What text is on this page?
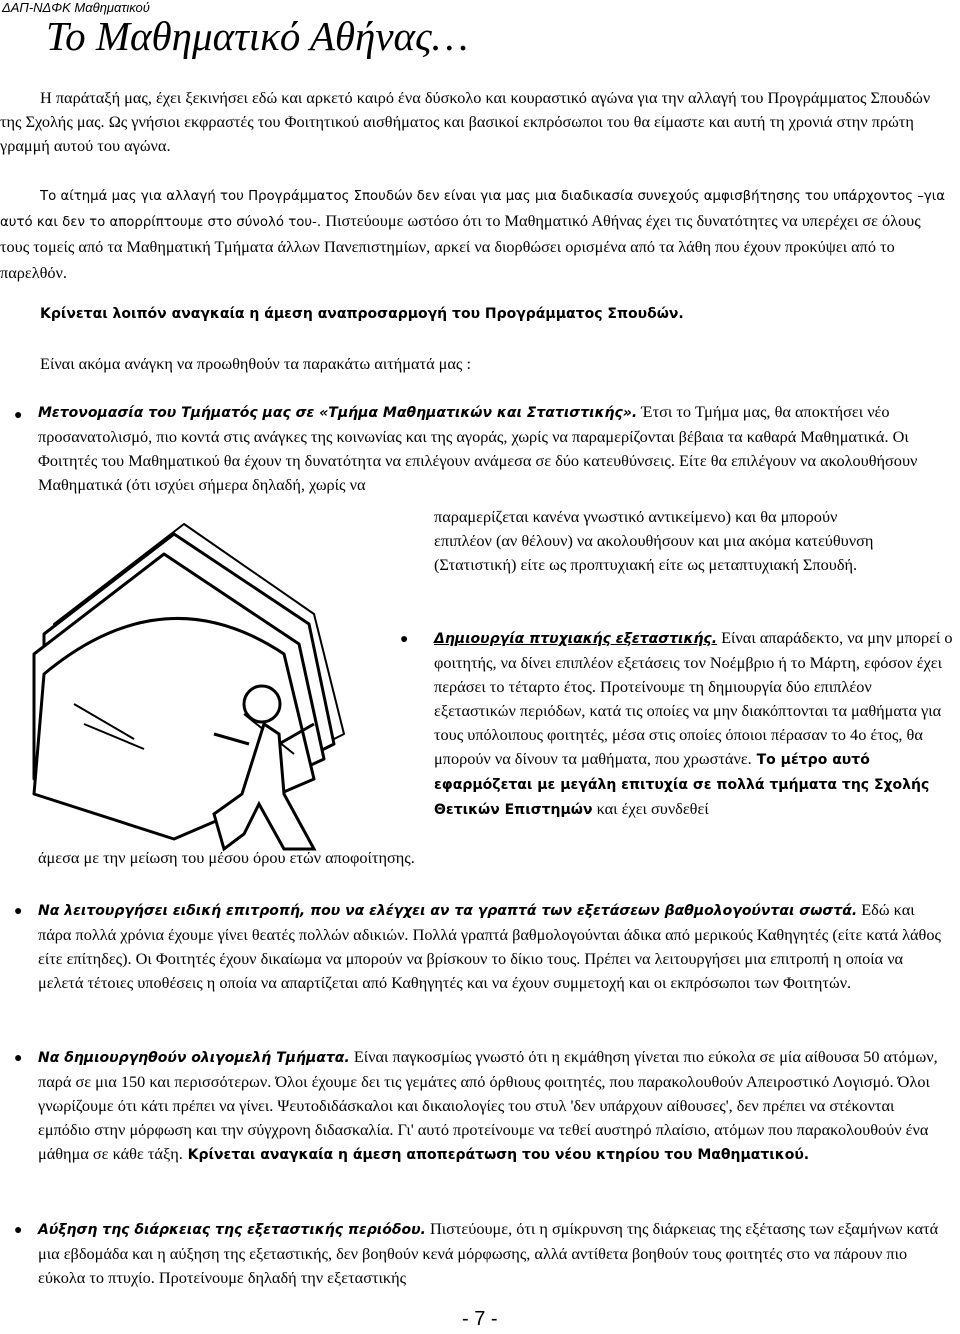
ΔΑΠ-ΝΔΦΚ Μαθηματικού
Το Μαθηματικό Αθήνας…

Η παράταξή μας, έχει ξεκινήσει εδώ και αρκετό καιρό ένα δύσκολο και κουραστικό αγώνα για την αλλαγή του Προγράμματος Σπουδών της Σχολής μας. Ως γνήσιοι εκφραστές του Φοιτητικού αισθήματος και βασικοί εκπρόσωποι του θα είμαστε και αυτή τη χρονιά στην πρώτη γραμμή αυτού του αγώνα.

Το αίτημά μας για αλλαγή του Προγράμματος Σπουδών δεν είναι για μας μια διαδικασία συνεχούς αμφισβήτησης του υπάρχοντος –για αυτό και δεν το απορρίπτουμε στο σύνολό του-. Πιστεύουμε ωστόσο ότι το Μαθηματικό Αθήνας έχει τις δυνατότητες να υπερέχει σε όλους τους τομείς από τα Μαθηματική Τμήματα άλλων Πανεπιστημίων, αρκεί να διορθώσει ορισμένα από τα λάθη που έχουν προκύψει από το παρελθόν.

Κρίνεται λοιπόν αναγκαία η άμεση αναπροσαρμογή του Προγράμματος Σπουδών.
Είναι ακόμα ανάγκη να προωθηθούν τα παρακάτω αιτήματά μας :
● Μετονομασία του Τμήματός μας σε «Τμήμα Μαθηματικών και Στατιστικής». Έτσι το Τμήμα μας, θα αποκτήσει νέο προσανατολισμό, πιο κοντά στις ανάγκες της κοινωνίας και της αγοράς, χωρίς να παραμερίζονται βέβαια τα καθαρά Μαθηματικά. Οι Φοιτητές του Μαθηματικού θα έχουν τη δυνατότητα να επιλέγουν ανάμεσα σε δύο κατευθύνσεις. Είτε θα επιλέγουν να ακολουθήσουν Μαθηματικά (ότι ισχύει σήμερα δηλαδή, χωρίς να

παραμερίζεται κανένα γνωστικό αντικείμενο) και θα μπορούν επιπλέον (αν θέλουν) να ακολουθήσουν και μια ακόμα κατεύθυνση (Στατιστική) είτε ως προπτυχιακή είτε ως μεταπτυχιακή Σπουδή.

● Δημιουργία πτυχιακής εξεταστικής. Είναι απαράδεκτο, να μην μπορεί ο φοιτητής, να δίνει επιπλέον εξετάσεις τον Νοέμβριο ή το Μάρτη, εφόσον έχει περάσει το τέταρτο έτος. Προτείνουμε τη δημιουργία δύο επιπλέον εξεταστικών περιόδων, κατά τις οποίες να μην διακόπτονται τα μαθήματα για τους υπόλοιπους φοιτητές, μέσα στις οποίες όποιοι πέρασαν το 4ο έτος, θα μπορούν να δίνουν τα μαθήματα, που χρωστάνε. Το μέτρο αυτό εφαρμόζεται με μεγάλη επιτυχία σε πολλά τμήματα της Σχολής Θετικών Επιστημών και έχει συνδεθεί

άμεσα με την μείωση του μέσου όρου ετών αποφοίτησης.
● Να λειτουργήσει ειδική επιτροπή, που να ελέγχει αν τα γραπτά των εξετάσεων βαθμολογούνται σωστά. Εδώ και πάρα πολλά χρόνια έχουμε γίνει θεατές πολλών αδικιών. Πολλά γραπτά βαθμολογούνται άδικα από μερικούς Καθηγητές (είτε κατά λάθος είτε επίτηδες). Οι Φοιτητές έχουν δικαίωμα να μπορούν να βρίσκουν το δίκιο τους. Πρέπει να λειτουργήσει μια επιτροπή η οποία να μελετά τέτοιες υποθέσεις η οποία να απαρτίζεται από Καθηγητές και να έχουν συμμετοχή και οι εκπρόσωποι των Φοιτητών.

● Να δημιουργηθούν ολιγομελή Τμήματα. Είναι παγκοσμίως γνωστό ότι η εκμάθηση γίνεται πιο εύκολα σε μία αίθουσα 50 ατόμων, παρά σε μια 150 και περισσότερων. Όλοι έχουμε δει τις γεμάτες από όρθιους φοιτητές, που παρακολουθούν Απειροστικό Λογισμό. Όλοι γνωρίζουμε ότι κάτι πρέπει να γίνει. Ψευτοδιδάσκαλοι και δικαιολογίες του στυλ 'δεν υπάρχουν αίθουσες', δεν πρέπει να στέκονται εμπόδιο στην μόρφωση και την σύγχρονη διδασκαλία. Γι' αυτό προτείνουμε να τεθεί αυστηρό πλαίσιο, ατόμων που παρακολουθούν ένα μάθημα σε κάθε τάξη. Κρίνεται αναγκαία η άμεση αποπεράτωση του νέου κτηρίου του Μαθηματικού.

● Αύξηση της διάρκειας της εξεταστικής περιόδου. Πιστεύουμε, ότι η σμίκρυνση της διάρκειας της εξέτασης των εξαμήνων κατά μια εβδομάδα και η αύξηση της εξεταστικής, δεν βοηθούν κενά μόρφωσης, αλλά αντίθετα βοηθούν τους φοιτητές στο να πάρουν πιο εύκολα το πτυχίο. Προτείνουμε δηλαδή την εξεταστικής

- 7 -
